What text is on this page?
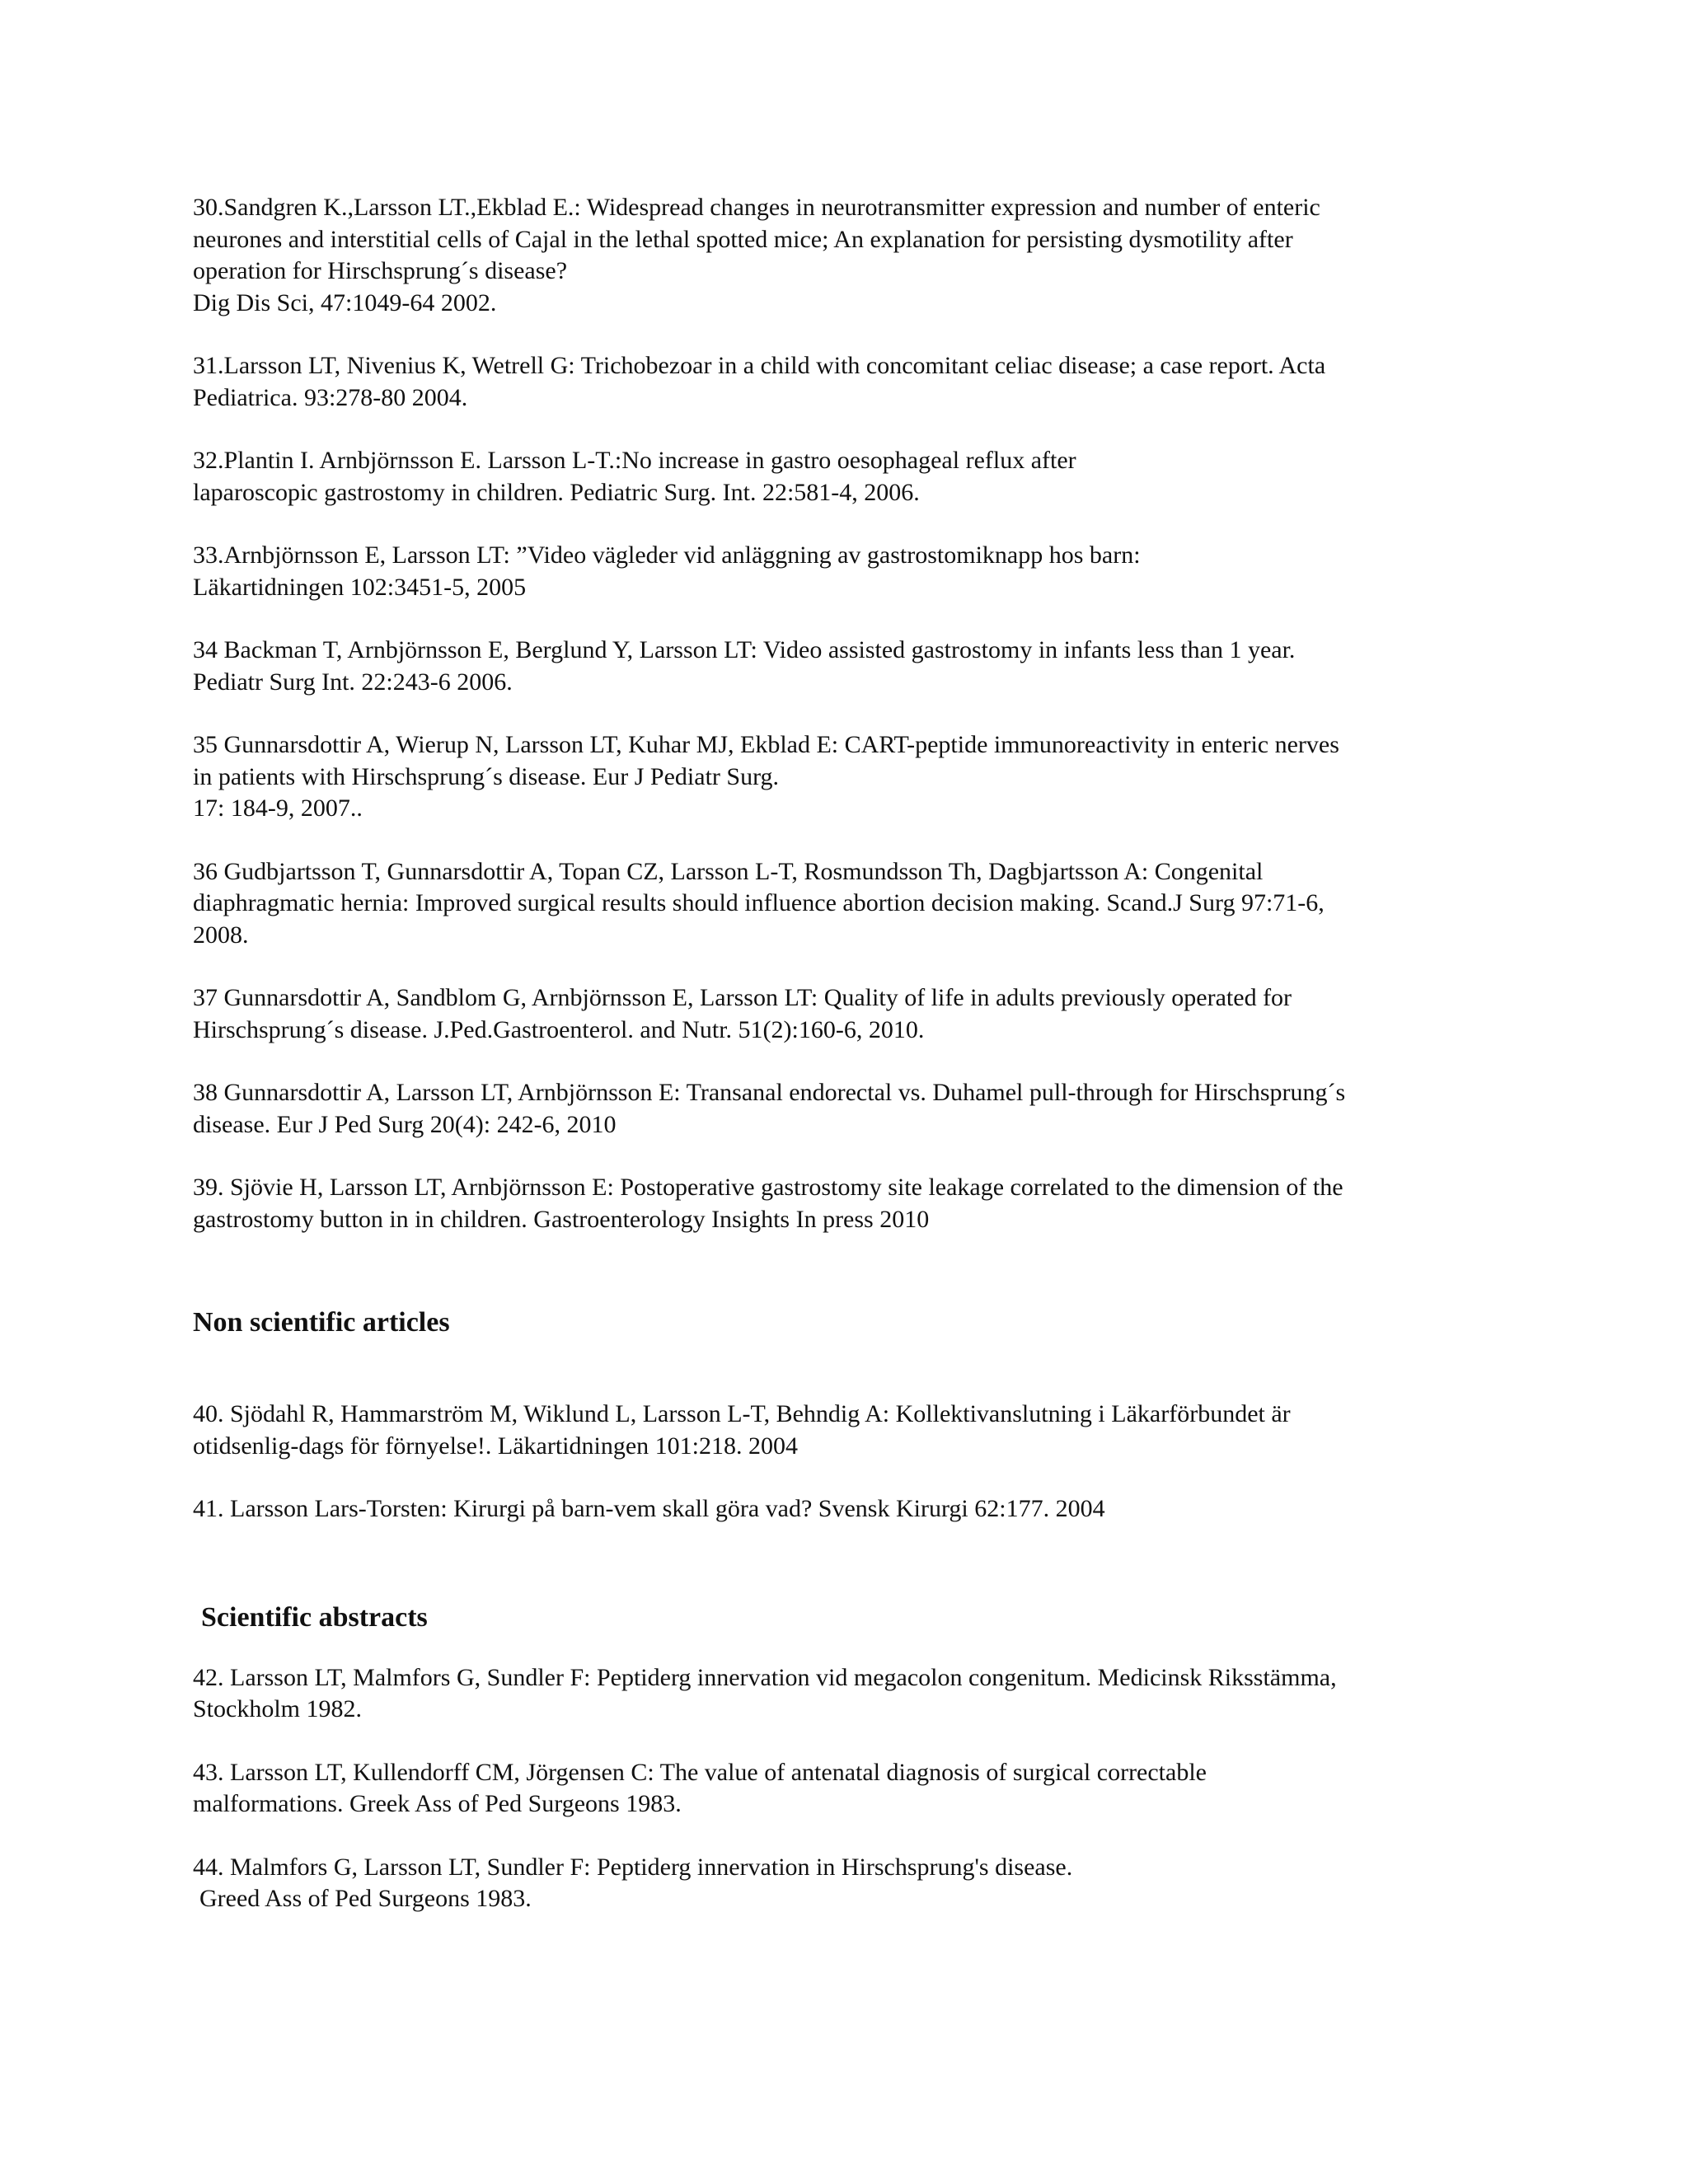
30.Sandgren K.,Larsson LT.,Ekblad E.: Widespread changes in neurotransmitter expression and number of enteric
neurones and interstitial cells of Cajal in the lethal spotted mice; An explanation for persisting dysmotility after
operation for Hirschsprung´s disease?
Dig Dis Sci, 47:1049-64 2002.
31.Larsson LT, Nivenius K, Wetrell G: Trichobezoar in a child with concomitant celiac disease; a case report. Acta
Pediatrica. 93:278-80 2004.
32.Plantin I. Arnbjörnsson E. Larsson L-T.:No increase in gastro oesophageal reflux after
laparoscopic gastrostomy in children. Pediatric Surg. Int. 22:581-4, 2006.
33.Arnbjörnsson E, Larsson LT: ”Video vägleder vid anläggning av gastrostomiknapp hos barn:
Läkartidningen 102:3451-5, 2005
34 Backman T, Arnbjörnsson E, Berglund Y, Larsson LT: Video assisted gastrostomy in infants less than 1 year.
Pediatr Surg Int. 22:243-6 2006.
35 Gunnarsdottir A, Wierup N, Larsson LT, Kuhar MJ, Ekblad E: CART-peptide immunoreactivity in enteric nerves
in patients with Hirschsprung´s disease. Eur J Pediatr Surg.
17: 184-9, 2007..
36 Gudbjartsson T, Gunnarsdottir A, Topan CZ, Larsson L-T, Rosmundsson Th, Dagbjartsson A: Congenital
diaphragmatic hernia: Improved surgical results should influence abortion decision making. Scand.J Surg 97:71-6,
2008.
37 Gunnarsdottir A, Sandblom G, Arnbjörnsson E, Larsson LT: Quality of life in adults previously operated for
Hirschsprung´s disease. J.Ped.Gastroenterol. and Nutr. 51(2):160-6, 2010.
38 Gunnarsdottir A, Larsson LT, Arnbjörnsson E: Transanal endorectal vs. Duhamel pull-through for Hirschsprung´s
disease. Eur J Ped Surg 20(4): 242-6, 2010
39. Sjövie H, Larsson LT, Arnbjörnsson E: Postoperative gastrostomy site leakage correlated to the dimension of the
gastrostomy button in in children. Gastroenterology Insights In press 2010
Non scientific articles
40. Sjödahl R, Hammarström M, Wiklund L, Larsson L-T, Behndig A: Kollektivanslutning i Läkarförbundet är
otidsenlig-dags för förnyelse!. Läkartidningen 101:218. 2004
41. Larsson Lars-Torsten: Kirurgi på barn-vem skall göra vad? Svensk Kirurgi 62:177. 2004
Scientific abstracts
42. Larsson LT, Malmfors G, Sundler F: Peptiderg innervation vid megacolon congenitum. Medicinsk Riksstämma,
Stockholm 1982.
43. Larsson LT, Kullendorff CM, Jörgensen C: The value of antenatal diagnosis of surgical correctable
malformations. Greek Ass of Ped Surgeons 1983.
44. Malmfors G, Larsson LT, Sundler F: Peptiderg innervation in Hirschsprung's disease.
Greed Ass of Ped Surgeons 1983.
